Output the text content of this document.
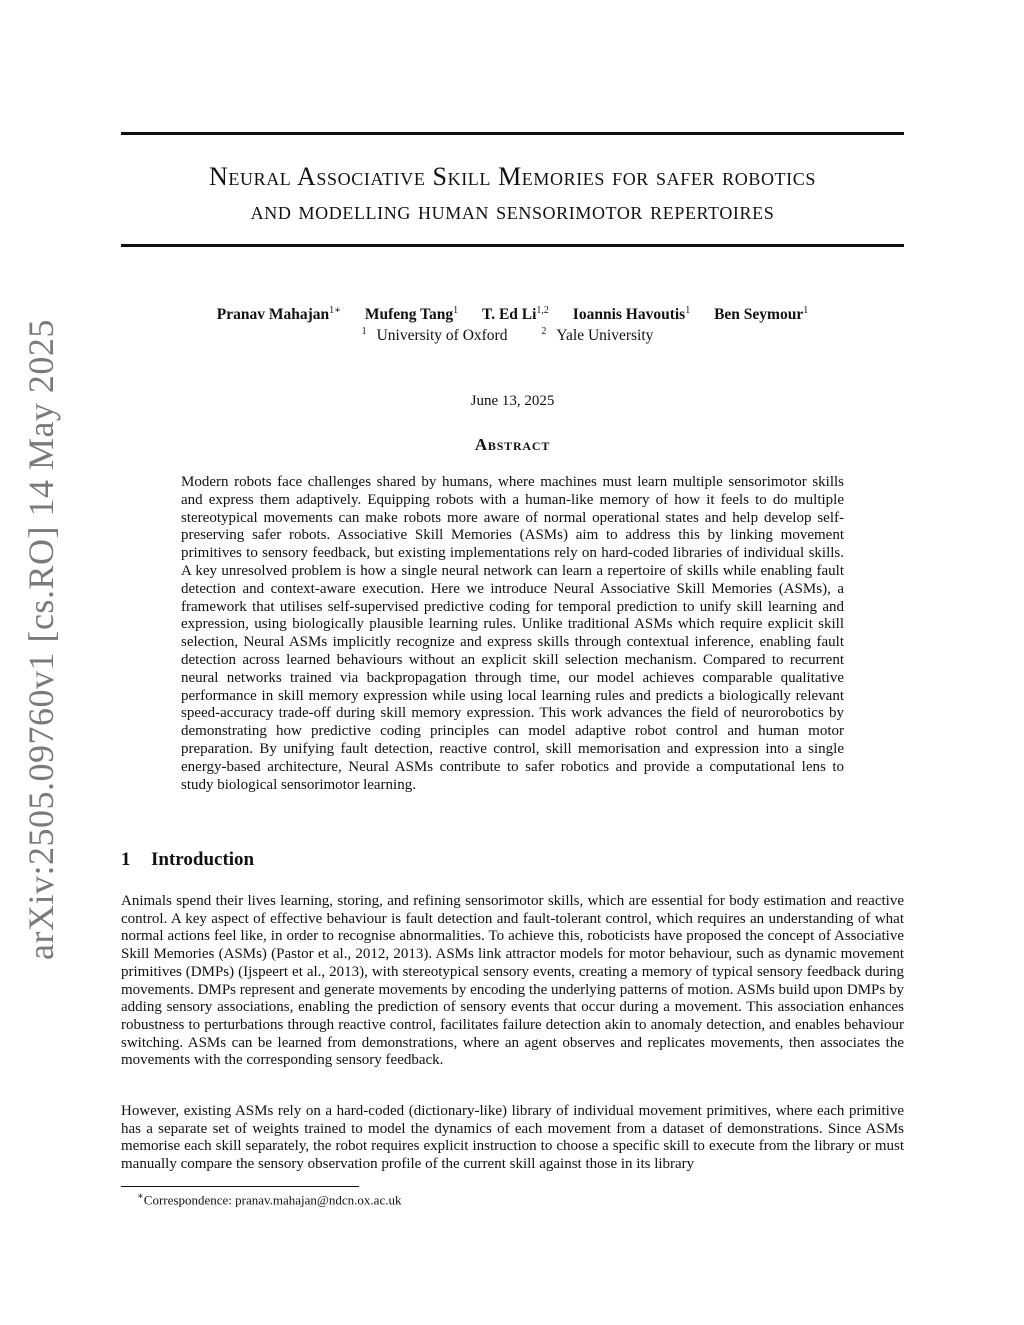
Neural Associative Skill Memories for safer robotics
and modelling human sensorimotor repertoires
Pranav Mahajan$^{1∗}$ Mufeng Tang$^1$ T. Ed Li$^{1,2}$ Ioannis Havoutis$^1$ Ben Seymour$^1$
$^1$ University of Oxford	$^2$ Yale University
June 13, 2025
Abstract

Modern robots face challenges shared by humans, where machines must learn multiple sensorimotor skills and express them adaptively. Equipping robots with a human-like memory of how it feels to do multiple stereotypical movements can make robots more aware of normal operational states and help develop self-preserving safer robots. Associative Skill Memories (ASMs) aim to address this by linking movement primitives to sensory feedback, but existing implementations rely on hard-coded libraries of individual skills. A key unresolved problem is how a single neural network can learn a repertoire of skills while enabling fault detection and context-aware execution. Here we introduce Neural Associative Skill Memories (ASMs), a framework that utilises self-supervised predictive coding for temporal prediction to unify skill learning and expression, using biologically plausible learning rules. Unlike traditional ASMs which require explicit skill selection, Neural ASMs implicitly recognize and express skills through contextual inference, enabling fault detection across learned behaviours without an explicit skill selection mechanism. Compared to recurrent neural networks trained via backpropagation through time, our model achieves comparable qualitative performance in skill memory expression while using local learning rules and predicts a biologically relevant speed-accuracy trade-off during skill memory expression. This work advances the field of neurorobotics by demonstrating how predictive coding principles can model adaptive robot control and human motor preparation. By unifying fault detection, reactive control, skill memorisation and expression into a single energy-based architecture, Neural ASMs contribute to safer robotics and provide a computational lens to study biological sensorimotor learning.

1 Introduction

Animals spend their lives learning, storing, and refining sensorimotor skills, which are essential for body estimation and reactive control. A key aspect of effective behaviour is fault detection and fault-tolerant control, which requires an understanding of what normal actions feel like, in order to recognise abnormalities. To achieve this, roboticists have proposed the concept of Associative Skill Memories (ASMs) (Pastor et al., 2012, 2013). ASMs link attractor models for motor behaviour, such as dynamic movement primitives (DMPs) (Ijspeert et al., 2013), with stereotypical sensory events, creating a memory of typical sensory feedback during movements. DMPs represent and generate movements by encoding the underlying patterns of motion. ASMs build upon DMPs by adding sensory associations, enabling the prediction of sensory events that occur during a movement. This association enhances robustness to perturbations through reactive control, facilitates failure detection akin to anomaly detection, and enables behaviour switching. ASMs can be learned from demonstrations, where an agent observes and replicates movements, then associates the movements with the corresponding sensory feedback.

However, existing ASMs rely on a hard-coded (dictionary-like) library of individual movement primitives, where each primitive has a separate set of weights trained to model the dynamics of each movement from a dataset of demonstrations. Since ASMs memorise each skill separately, the robot requires explicit instruction to choose a specific skill to execute from the library or must manually compare the sensory observation profile of the current skill against those in its library

∗Correspondence: pranav.mahajan@ndcn.ox.ac.uk
arXiv:2505.09760v1 [cs.RO] 14 May 2025
